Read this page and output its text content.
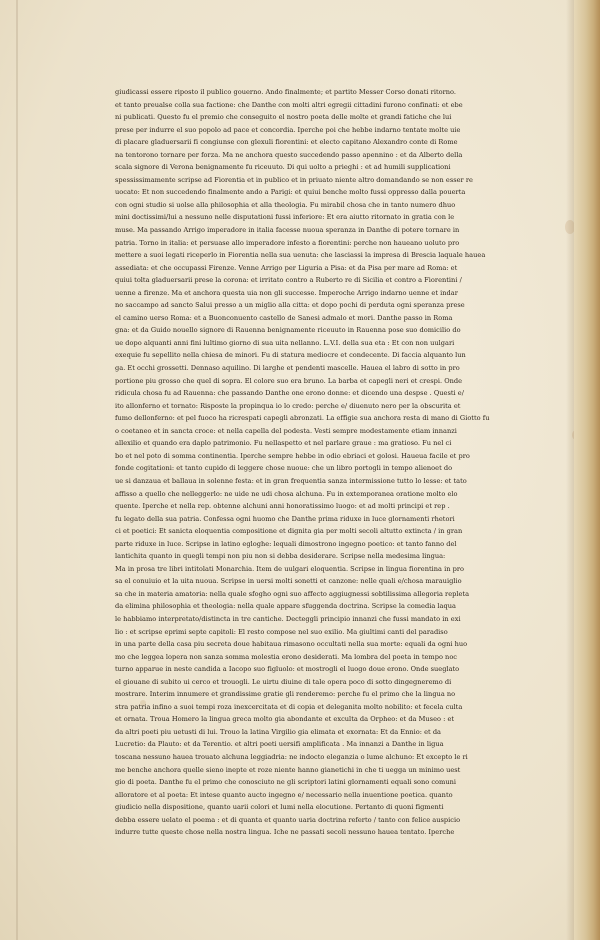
giudicassi essere riposto il publico gouerno. Ando finalmente; et partito Messer Corso donati ritorno.
et tanto preualse colla sua factione: che Danthe con molti altri egregii cittadini furono confinati: et ebe
ni publicati. Questo fu el premio che conseguito el nostro poeta delle molte et grandi fatiche che lui
prese per indurre el suo popolo ad pace et concordia. Iperche poi che hebbe indarno tentate molte uie
di placare gladuersarii fi congiunse con glexuli fiorentini: et electo capitano Alexandro conte di Rome
na tentorono tornare per forza. Ma ne anchora questo succedendo passo apennino : et da Alberto della
scala signore di Verona benignamente fu riceuuto. Di qui uolto a prieghi : et ad humili supplicationi
spessissimamente scripse ad Fiorentia et in publico et in priuato niente altro domandando se non esser re
uocato: Et non succedendo finalmente ando a Parigi: et quiui benche molto fussi oppresso dalla pouerta
con ogni studio si uolse alla philosophia et alla theologia. Fu mirabil chosa che in tanto numero dhuo
mini doctissimi/lui a nessuno nelle disputationi fussi inferiore: Et era aiutto ritornato in gratia con le
muse. Ma passando Arrigo imperadore in italia facesse nuoua speranza in Danthe di potere tornare in
patria. Torno in italia: et persuase allo imperadore infesto a fiorentini: perche non haueano uoluto pro
mettere a suoi legati riceperlo in Fiorentia nella sua uenuta: che lasciassi la impresa di Brescia laquale hauea
assediata: et che occupassi Firenze. Venne Arrigo per Liguria a Pisa: et da Pisa per mare ad Roma: et
quiui tolta gladuersarii prese la corona: et irritato contro a Ruberto re di Sicilia et contro a Fiorentini /
uenne a firenze. Ma et anchora questa uia non gli successe. Imperoche Arrigo indarno uenne et indar
no saccampo ad sancto Salui presso a un miglio alla citta: et dopo pochi di perduta ogni speranza prese
el camino uerso Roma: et a Buonconuento castello de Sanesi admalo et mori. Danthe passo in Roma
gna: et da Guido nouello signore di Rauenna benignamente riceuuto in Rauenna pose suo domicilio do
ue dopo alquanti anni fini lultimo giorno di sua uita nellanno. L.V.I. della sua eta : Et con non uulgari
exequie fu sepellito nella chiesa de minori. Fu di statura mediocre et condecente. Di faccia alquanto lun
ga. Et occhi grossetti. Dennaso aquilino. Di larghe et pendenti mascelle. Hauea el labro di sotto in pro
portione piu grosso che quel di sopra. El colore suo era bruno. La barba et capegli neri et crespi. Onde
ridicula chosa fu ad Rauenna: che passando Danthe one erono donne: et dicendo una despse . Questi e/
ito allonferno et tornato: Risposte la propinqua io lo credo: perche e/ diuenuto nero per la obscurita et
fumo dellonferno: et pel fuoco ha ricrespati capegli abronzati. La effigie sua anchora resta di mano di Giotto fu
o coetaneo et in sancta croce: et nella capella del podesta. Vesti sempre modestamente etiam innanzi
allexilio et quando era daplo patrimonio. Fu nellaspetto et nel parlare graue : ma gratioso. Fu nel ci
bo et nel poto di somma continentia. Iperche sempre hebbe in odio ebriaci et golosi. Haueua facile et pro
fonde cogitationi: et tanto cupido di leggere chose nuoue: che un libro portogli in tempo alienoet do
ue si danzaua et ballaua in solenne festa: et in gran frequentia sanza intermissione tutto lo lesse: et tato
affisso a quello che nelleggerlo: ne uide ne udi chosa alchuna. Fu in extemporanea oratione molto elo
quente. Iperche et nella rep. obtenne alchuni anni honoratissimo luogo: et ad molti principi et rep .
fu legato della sua patria. Confessa ogni huomo che Danthe prima riduxe in luce glornamenti rhetori
ci et poetici: Et sanicta eloquentia compositione et dignita gia per molti secoli altutto extincta / in gran
parte riduxe in luce. Scripse in latino egloghe: lequali dimostrono ingegno poetico: et tanto fanno del
lantichita quanto in quegli tempi non piu non si debba desiderare. Scripse nella medesima lingua:
Ma in prosa tre libri intitolati Monarchia. Item de uulgari eloquentia. Scripse in lingua fiorentina in pro
sa el conuiuio et la uita nuoua. Scripse in uersi molti sonetti et canzone: nelle quali e/chosa marauiglio
sa che in materia amatoria: nella quale sfogho ogni suo affecto aggiugnessi sobtilissima allegoria repleta
da elimina philosophia et theologia: nella quale appare sfuggenda doctrina. Scripse la comedia laqua
le habbiamo interpretato/distincta in tre cantiche. Decteggli principio innanzi che fussi mandato in exi
lio : et scripse eprimi septe capitoli: El resto compose nel suo exilio. Ma giultimi canti del paradiso
in una parte della casa piu secreta doue habitaua rimasono occultati nella sua morte: equali da ogni huo
mo che leggea lopera non sanza somma molestia erono desiderati. Ma lombra del poeta in tempo noc
turno apparue in neste candida a Iacopo suo figluolo: et mostrogli el luogo doue erono. Onde sueglato
el giouane di subito ui cerco et trouogli. Le uirtu diuine di tale opera poco di sotto dingegneremo di
mostrare. Interim innumere et grandissime gratie gli renderemo: perche fu el primo che la lingua no
stra patria infino a suoi tempi roza inexcercitata et di copia et deleganita molto nobilito: et fecela culta
et ornata. Troua Homero la lingua greca molto gia abondante et exculta da Orpheo: et da Museo : et
da altri poeti piu uetusti di lui. Trouo la latina Virgilio gia elimata et exornata: Et da Ennio: et da
Lucretio: da Plauto: et da Terentio. et altri poeti uersifi amplificata . Ma innanzi a Danthe in ligua
toscana nessuno hauea trouato alchuna leggiadria: ne indocto eleganzia o lume alchuno: Et excepto le ri
me benche anchora quelle sieno inepte et roze niente hanno gianetichi in che ti uegga un minimo uest
gio di poeta. Danthe fu el primo che conosciuto ne gli scriptori latini glornamenti equali sono comuni
alloratore et al poeta: Et intese quanto aucto ingegno e/ necessario nella inuentione poetica. quanto
giudicio nella dispositione, quanto uarii colori et lumi nella elocutione. Pertanto di quoni figmenti
debba essere uelato el poema : et di quanta et quanto uaria doctrina referto / tanto con felice auspicio
indurre tutte queste chose nella nostra lingua. Iche ne passati secoli nessuno hauea tentato. Iperche
